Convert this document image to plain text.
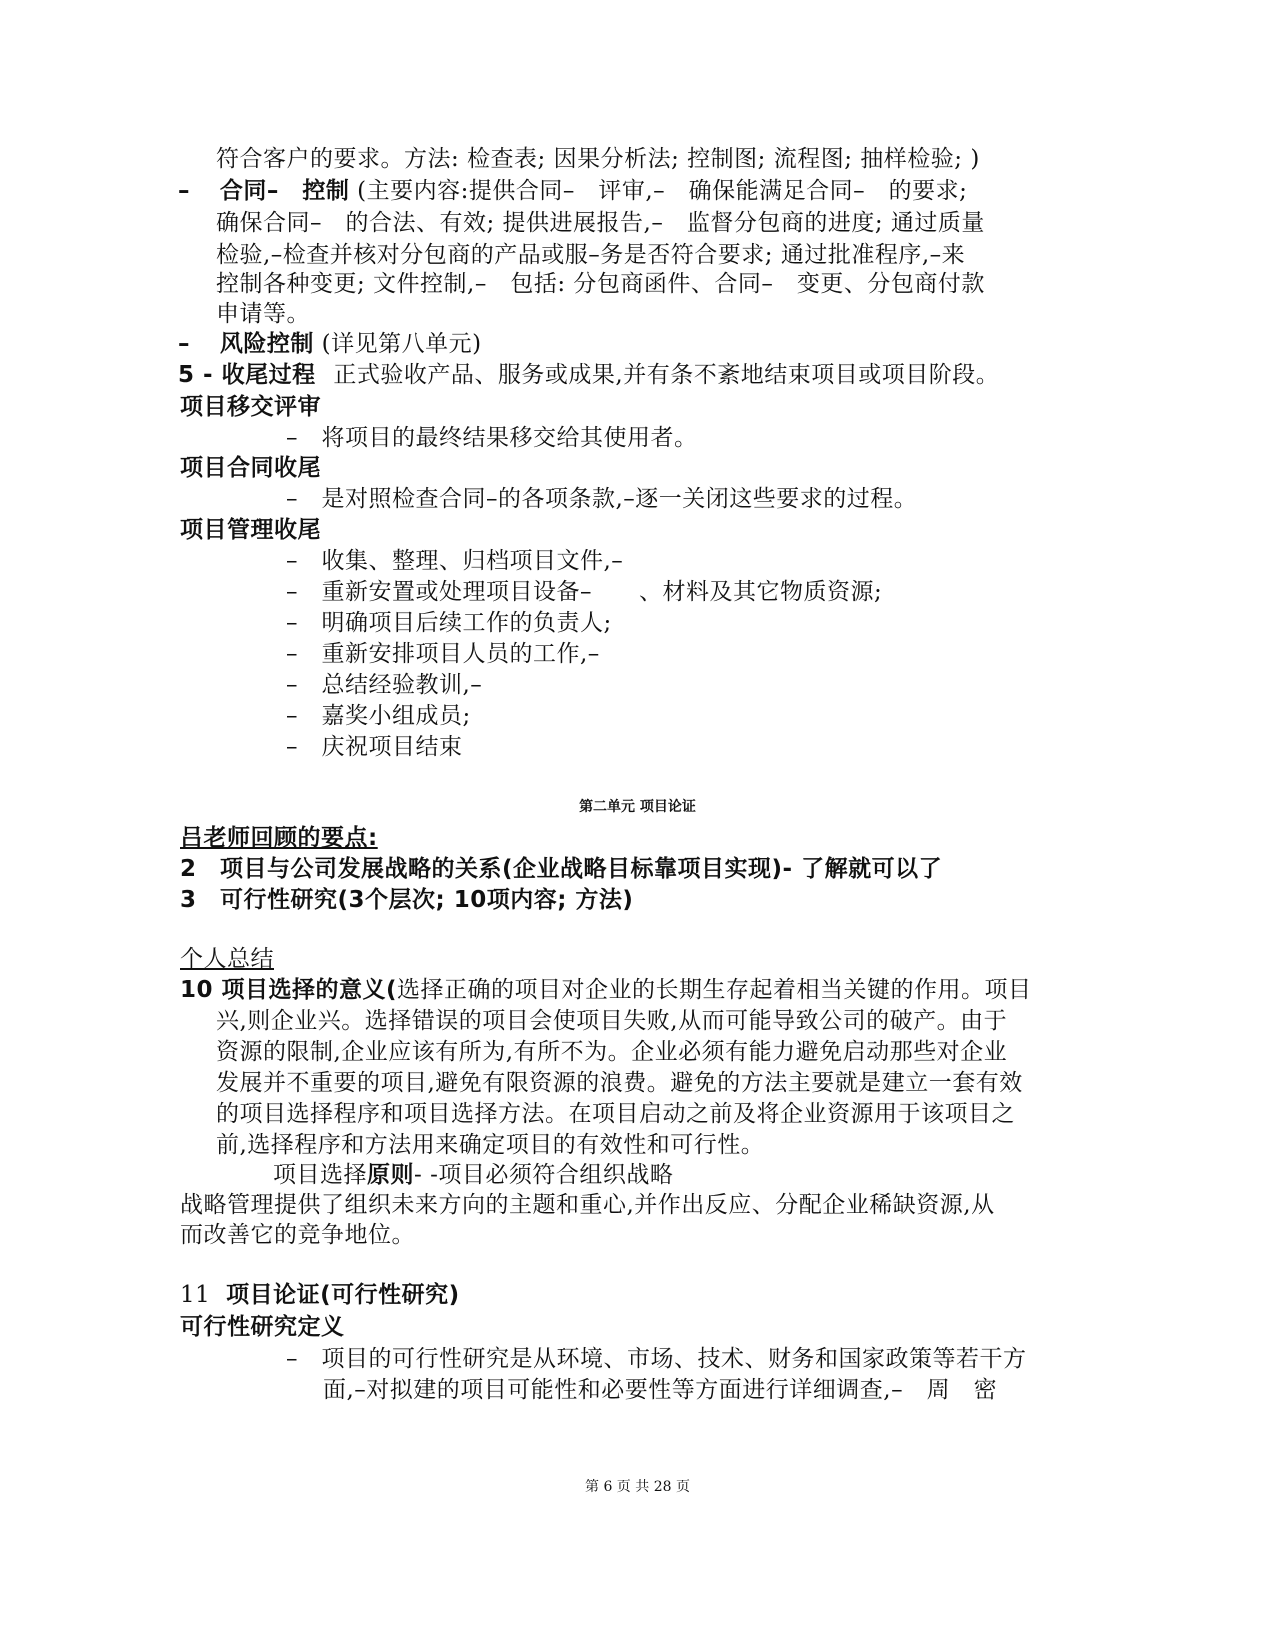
符合客户的要求。方法: 检查表; 因果分析法; 控制图; 流程图; 抽样检验; )
– 合同–　控制 (主要内容:提供合同–　评审,–　确保能满足合同–　的要求;
确保合同–　的合法、有效; 提供进展报告,–　监督分包商的进度; 通过质量
检验,–检查并核对分包商的产品或服–务是否符合要求; 通过批准程序,–来
控制各种变更; 文件控制,–　包括: 分包商函件、合同–　变更、分包商付款
申请等。
– 风险控制 (详见第八单元)
5 - 收尾过程 正式验收产品、服务或成果,并有条不紊地结束项目或项目阶段。
项目移交评审
–　将项目的最终结果移交给其使用者。
项目合同收尾
–　是对照检查合同–的各项条款,–逐一关闭这些要求的过程。
项目管理收尾
–　收集、整理、归档项目文件,–
–　重新安置或处理项目设备–　　、材料及其它物质资源;
–　明确项目后续工作的负责人;
–　重新安排项目人员的工作,–
–　总结经验教训,–
–　嘉奖小组成员;
–　庆祝项目结束
第二单元 项目论证
吕老师回顾的要点:
2　项目与公司发展战略的关系(企业战略目标靠项目实现)- 了解就可以了
3　可行性研究(3个层次; 10项内容; 方法)
个人总结
10 项目选择的意义(选择正确的项目对企业的长期生存起着相当关键的作用。项目
兴,则企业兴。选择错误的项目会使项目失败,从而可能导致公司的破产。由于
资源的限制,企业应该有所为,有所不为。企业必须有能力避免启动那些对企业
发展并不重要的项目,避免有限资源的浪费。避免的方法主要就是建立一套有效
的项目选择程序和项目选择方法。在项目启动之前及将企业资源用于该项目之
前,选择程序和方法用来确定项目的有效性和可行性。
项目选择原则- -项目必须符合组织战略
战略管理提供了组织未来方向的主题和重心,并作出反应、分配企业稀缺资源,从
而改善它的竞争地位。
11 项目论证(可行性研究)
可行性研究定义
–　项目的可行性研究是从环境、市场、技术、财务和国家政策等若干方
面,–对拟建的项目可能性和必要性等方面进行详细调查,–　周　密
第 6 页 共 28 页
